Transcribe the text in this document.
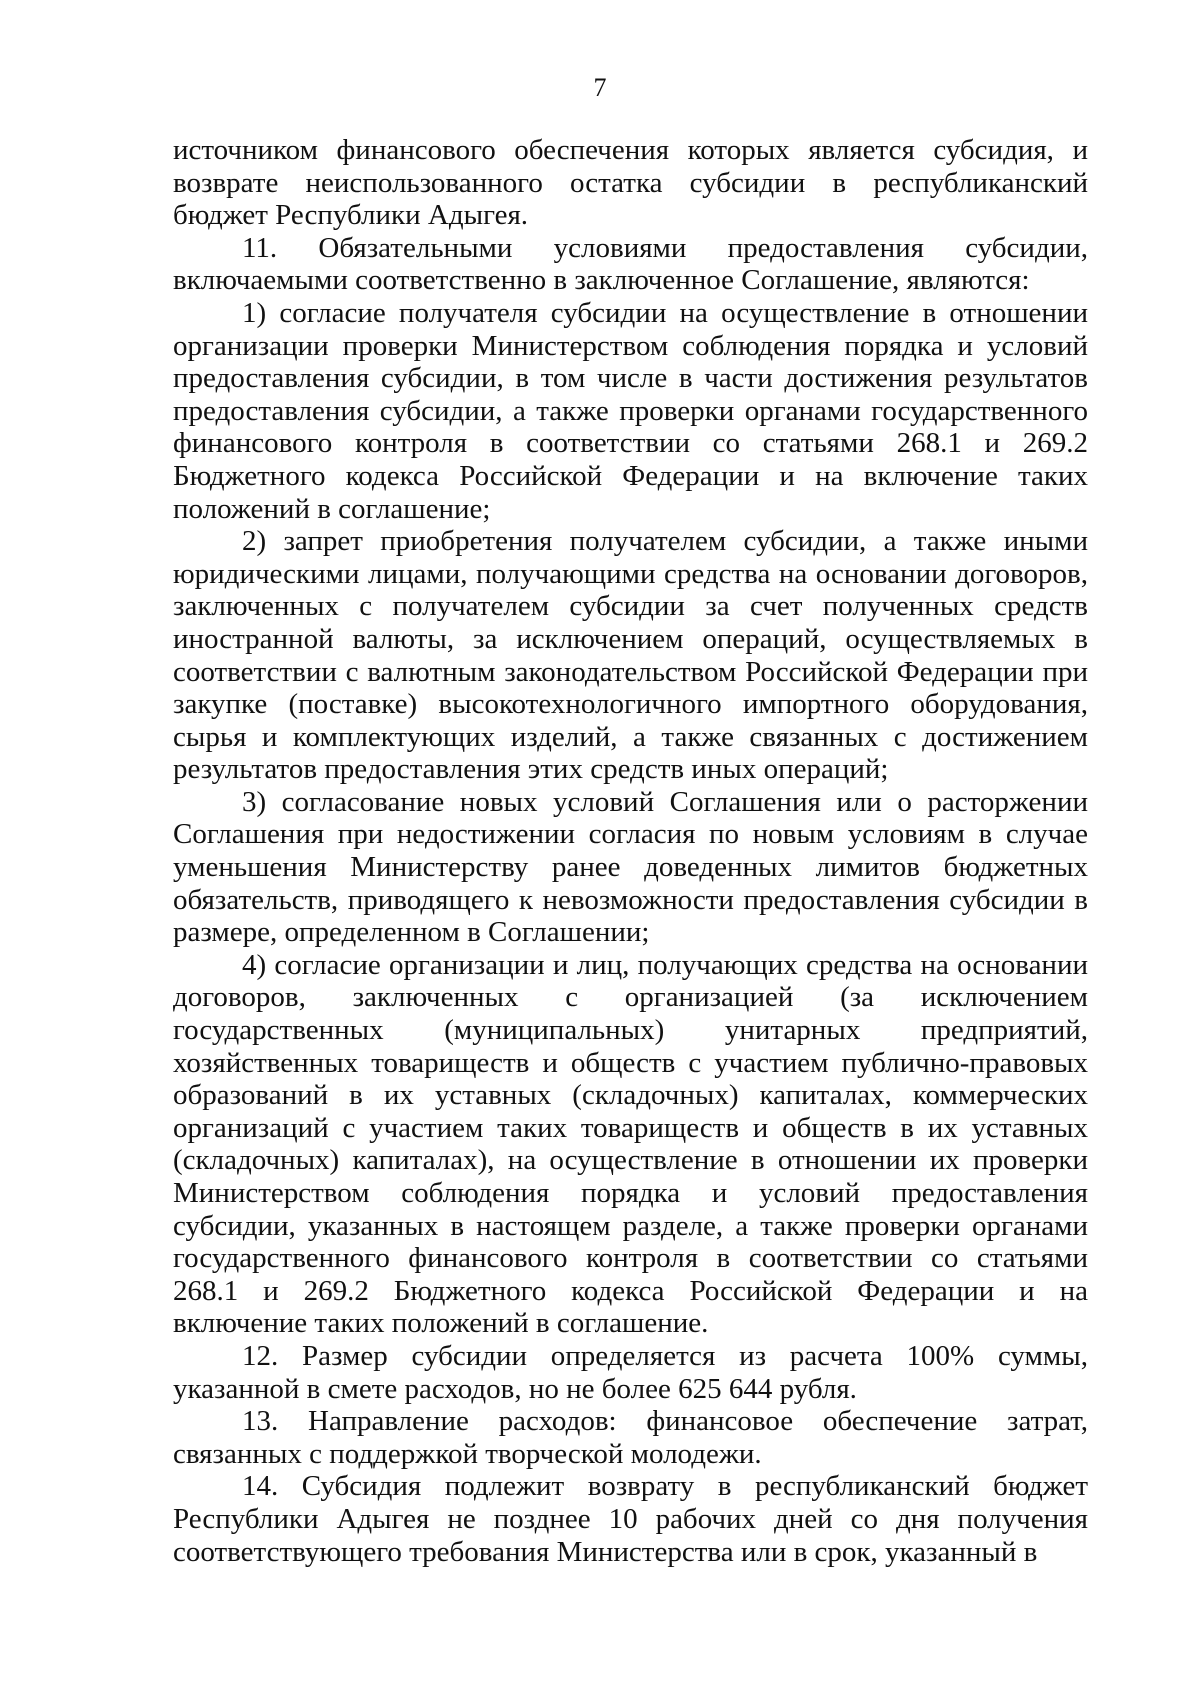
7

источником финансового обеспечения которых является субсидия, и возврате неиспользованного остатка субсидии в республиканский бюджет Республики Адыгея.

11. Обязательными условиями предоставления субсидии, включаемыми соответственно в заключенное Соглашение, являются:

1) согласие получателя субсидии на осуществление в отношении организации проверки Министерством соблюдения порядка и условий предоставления субсидии, в том числе в части достижения результатов предоставления субсидии, а также проверки органами государственного финансового контроля в соответствии со статьями 268.1 и 269.2 Бюджетного кодекса Российской Федерации и на включение таких положений в соглашение;

2) запрет приобретения получателем субсидии, а также иными юридическими лицами, получающими средства на основании договоров, заключенных с получателем субсидии за счет полученных средств иностранной валюты, за исключением операций, осуществляемых в соответствии с валютным законодательством Российской Федерации при закупке (поставке) высокотехнологичного импортного оборудования, сырья и комплектующих изделий, а также связанных с достижением результатов предоставления этих средств иных операций;

3) согласование новых условий Соглашения или о расторжении Соглашения при недостижении согласия по новым условиям в случае уменьшения Министерству ранее доведенных лимитов бюджетных обязательств, приводящего к невозможности предоставления субсидии в размере, определенном в Соглашении;

4) согласие организации и лиц, получающих средства на основании договоров, заключенных с организацией (за исключением государственных (муниципальных) унитарных предприятий, хозяйственных товариществ и обществ с участием публично-правовых образований в их уставных (складочных) капиталах, коммерческих организаций с участием таких товариществ и обществ в их уставных (складочных) капиталах), на осуществление в отношении их проверки Министерством соблюдения порядка и условий предоставления субсидии, указанных в настоящем разделе, а также проверки органами государственного финансового контроля в соответствии со статьями 268.1 и 269.2 Бюджетного кодекса Российской Федерации и на включение таких положений в соглашение.

12. Размер субсидии определяется из расчета 100% суммы, указанной в смете расходов, но не более 625 644 рубля.

13. Направление расходов: финансовое обеспечение затрат, связанных с поддержкой творческой молодежи.

14. Субсидия подлежит возврату в республиканский бюджет Республики Адыгея не позднее 10 рабочих дней со дня получения соответствующего требования Министерства или в срок, указанный в
